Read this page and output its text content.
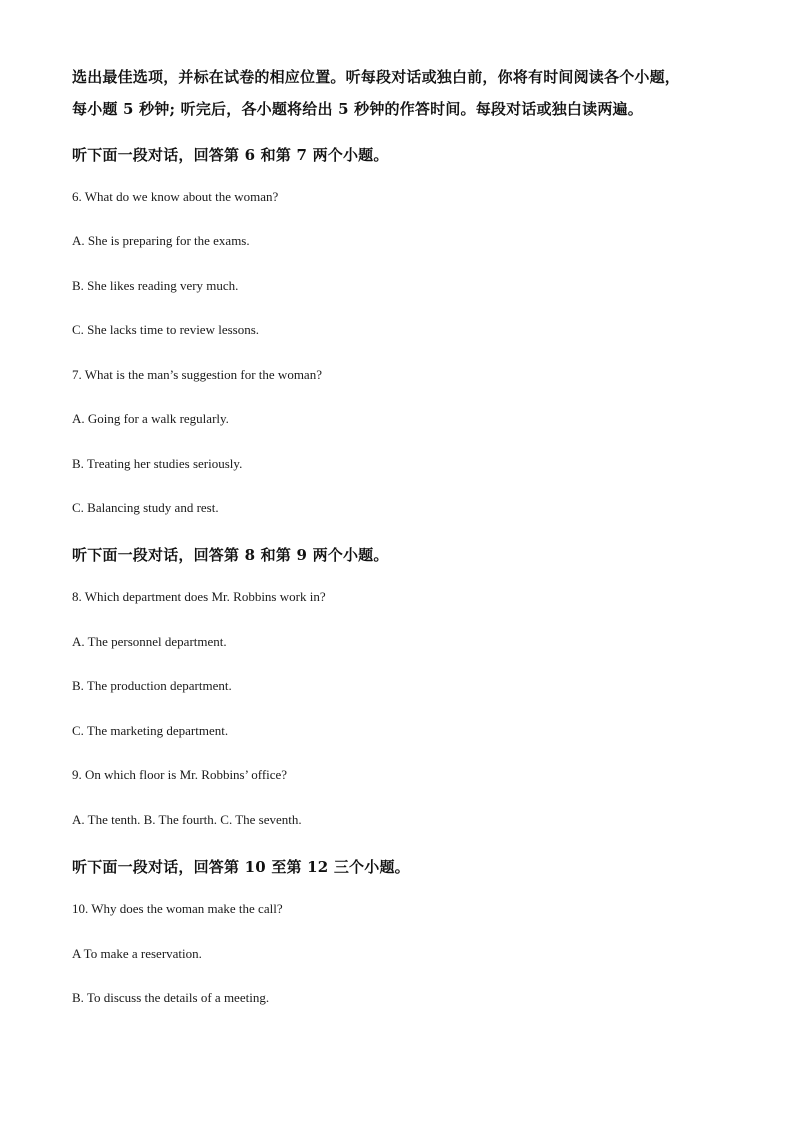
选出最佳选项，并标在试卷的相应位置。听每段对话或独白前，你将有时间阅读各个小题，
每小题 5 秒钟; 听完后，各小题将给出 5 秒钟的作答时间。每段对话或独白读两遍。
听下面一段对话，回答第 6 和第 7 两个小题。
6. What do we know about the woman?
A. She is preparing for the exams.
B. She likes reading very much.
C. She lacks time to review lessons.
7. What is the man’s suggestion for the woman?
A. Going for a walk regularly.
B. Treating her studies seriously.
C. Balancing study and rest.
听下面一段对话，回答第 8 和第 9 两个小题。
8. Which department does Mr. Robbins work in?
A. The personnel department.
B. The production department.
C. The marketing department.
9. On which floor is Mr. Robbins’ office?
A. The tenth. B. The fourth. C. The seventh.
听下面一段对话，回答第 10 至第 12 三个小题。
10. Why does the woman make the call?
A To make a reservation.
B. To discuss the details of a meeting.
